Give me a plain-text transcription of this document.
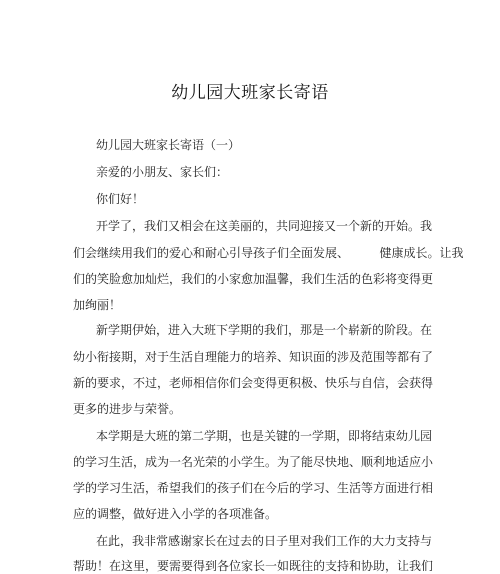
幼儿园大班家长寄语
幼儿园大班家长寄语（一）
亲爱的小朋友、家长们：
你们好！
开学了，我们又相会在这美丽的，共同迎接又一个新的开始。我
们会继续用我们的爱心和耐心引导孩子们全面发展、        健康成长。让我
们的笑脸愈加灿烂，我们的小家愈加温馨，我们生活的色彩将变得更
加绚丽！
新学期伊始，进入大班下学期的我们，那是一个崭新的阶段。在
幼小衔接期，对于生活自理能力的培养、知识面的涉及范围等都有了
新的要求，不过，老师相信你们会变得更积极、快乐与自信，会获得
更多的进步与荣誉。
本学期是大班的第二学期，也是关键的一学期，即将结束幼儿园
的学习生活，成为一名光荣的小学生。为了能尽快地、顺利地适应小
学的学习生活，希望我们的孩子们在今后的学习、生活等方面进行相
应的调整，做好进入小学的各项准备。
在此，我非常感谢家长在过去的日子里对我们工作的大力支持与
帮助！在这里，要需要得到各位家长一如既往的支持和协助，让我们
